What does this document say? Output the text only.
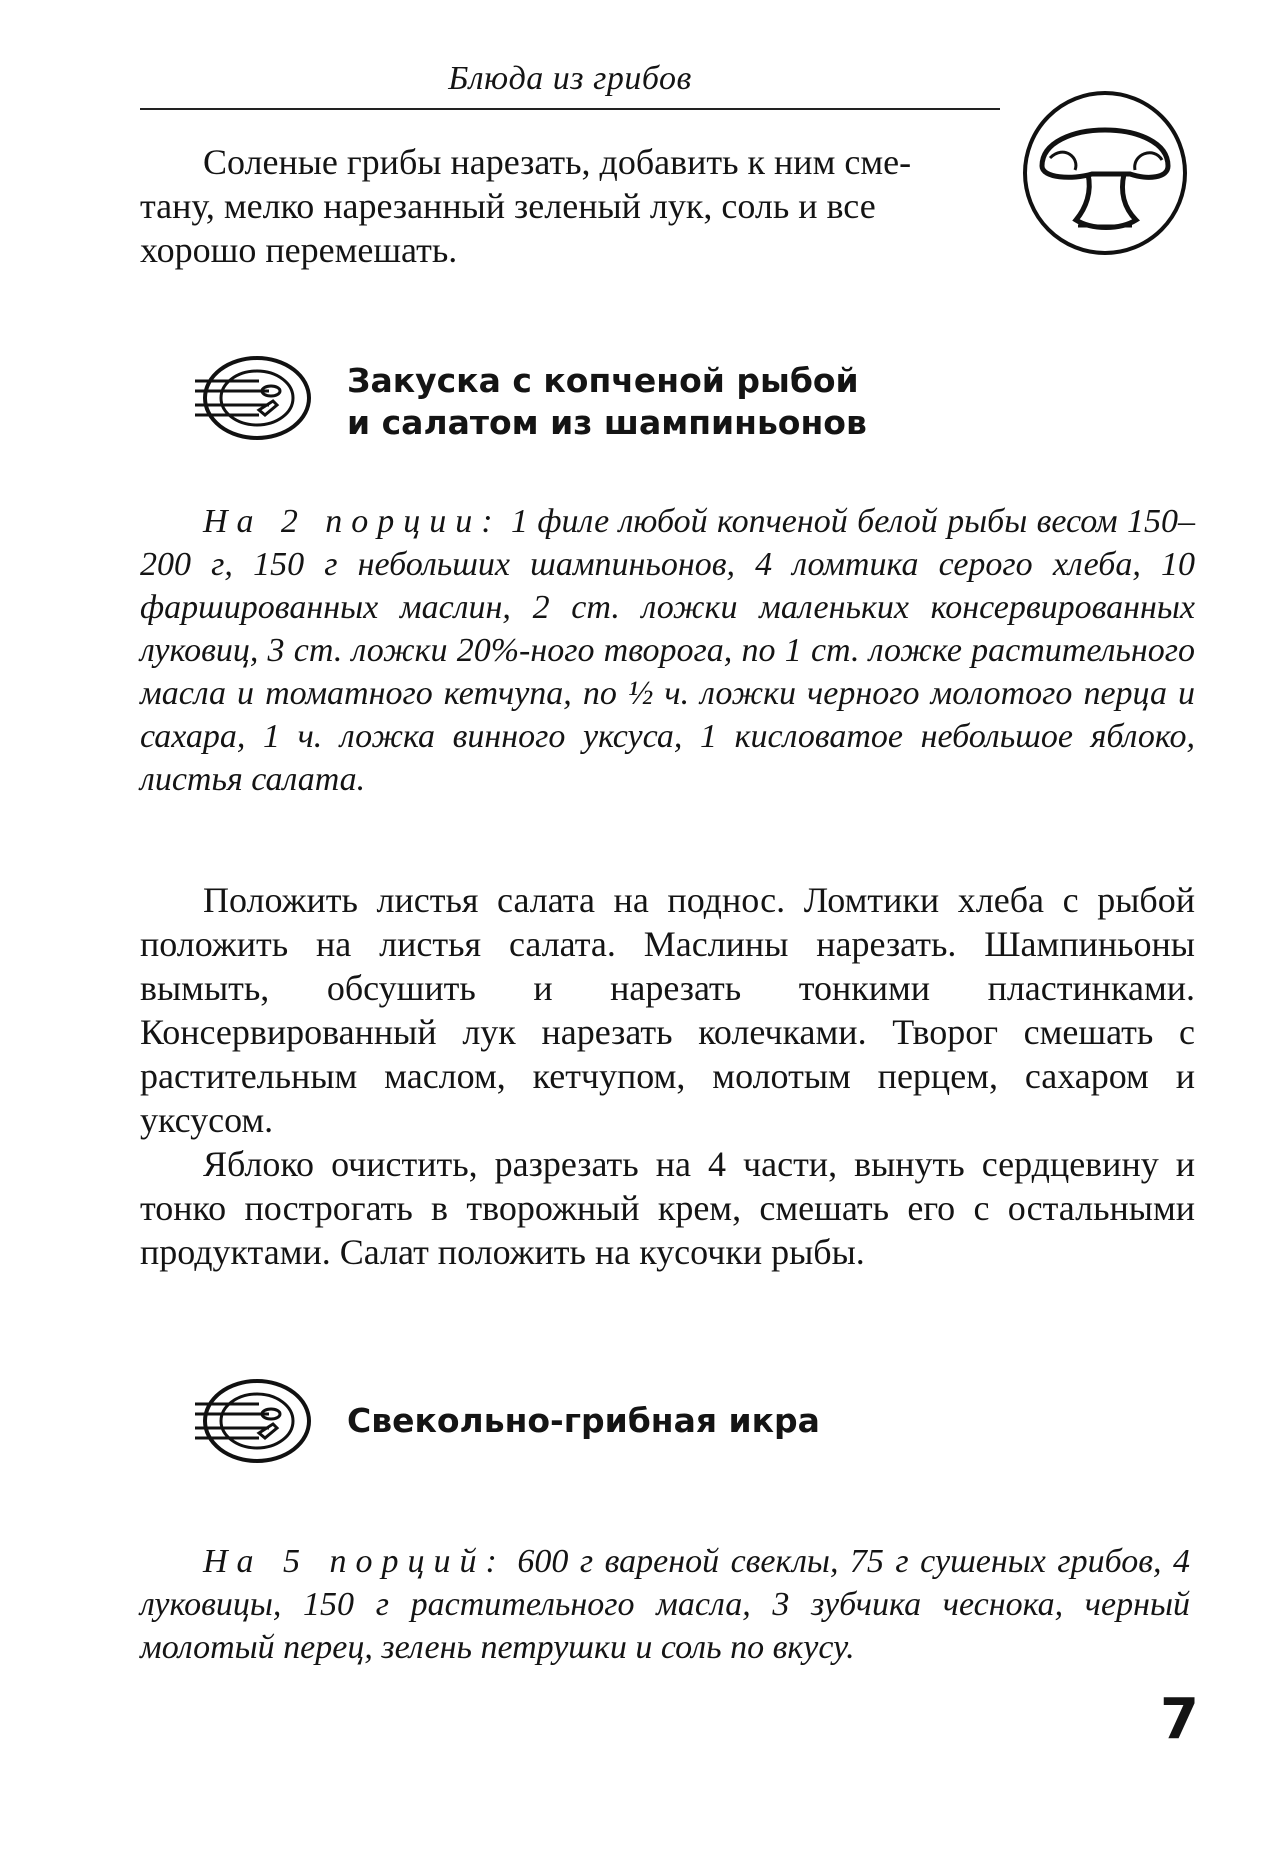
Блюда из грибов
Соленые грибы нарезать, добавить к ним сме-
тану, мелко нарезанный зеленый лук, соль и все
хорошо перемешать.
Закуска с копченой рыбой
и салатом из шампиньонов
На 2 порции: 1 филе любой копченой белой рыбы весом 150–200 г, 150 г небольших шампиньонов, 4 ломтика серого хлеба, 10 фаршированных маслин, 2 ст. ложки маленьких консервированных луковиц, 3 ст. ложки 20%-ного творога, по 1 ст. ложке растительного масла и томатного кетчупа, по ½ ч. ложки черного молотого перца и сахара, 1 ч. ложка винного уксуса, 1 кисловатое небольшое яблоко, листья салата.
Положить листья салата на поднос. Ломтики хлеба с рыбой положить на листья салата. Маслины нарезать. Шампиньоны вымыть, обсушить и нарезать тонкими пластинками. Консервированный лук нарезать колечками. Творог смешать с растительным маслом, кетчупом, молотым перцем, сахаром и уксусом.
Яблоко очистить, разрезать на 4 части, вынуть сердцевину и тонко построгать в творожный крем, смешать его с остальными продуктами. Салат положить на кусочки рыбы.
Свекольно-грибная икра
На 5 порций: 600 г вареной свеклы, 75 г сушеных грибов, 4 луковицы, 150 г растительного масла, 3 зубчика чеснока, черный молотый перец, зелень петрушки и соль по вкусу.
7
